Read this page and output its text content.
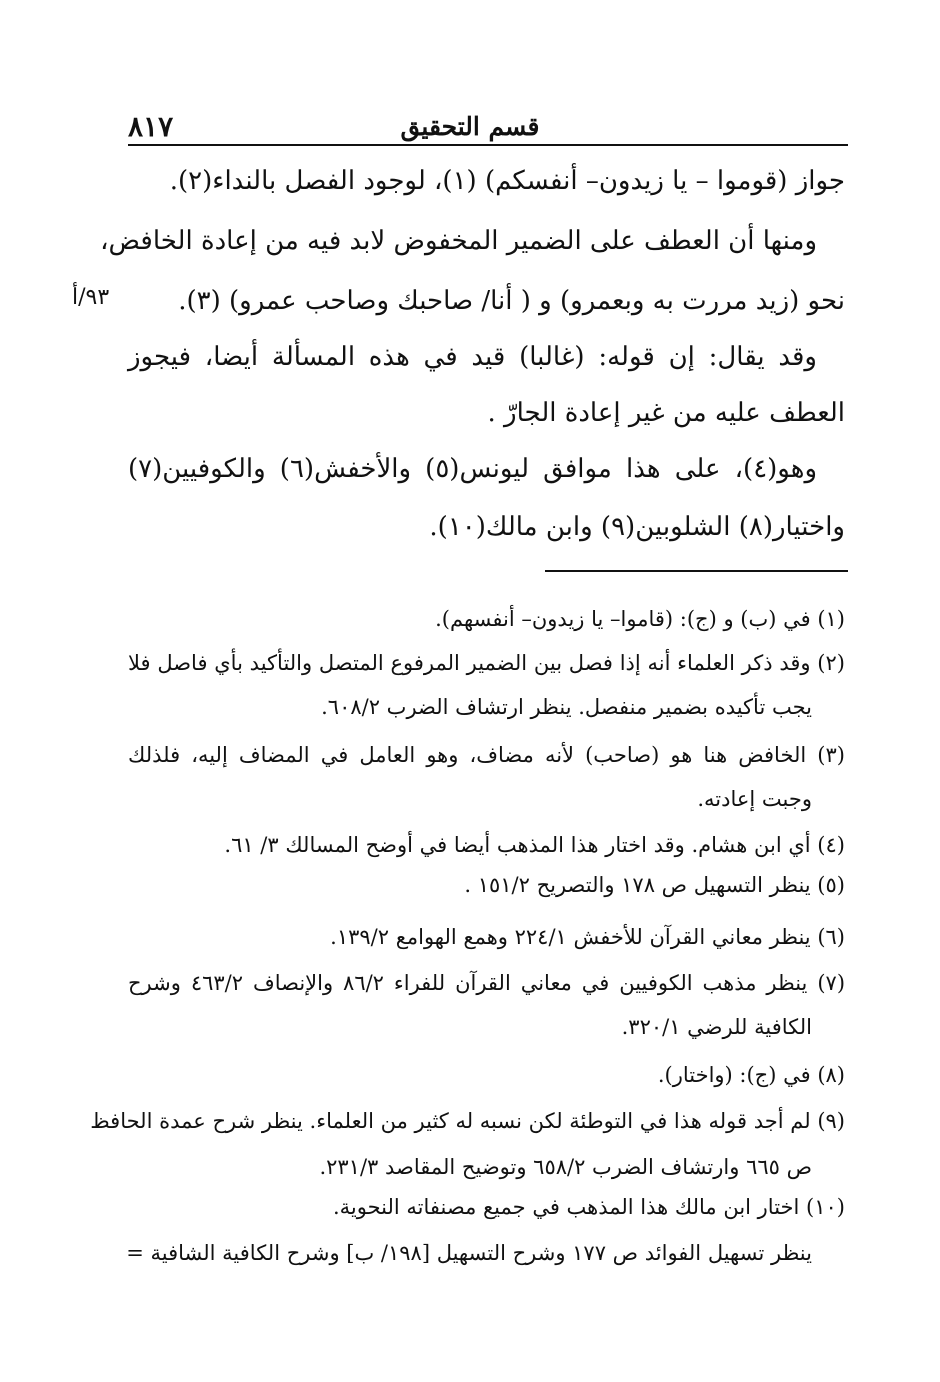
قسم التحقيق
٨١٧
٩٣/أ
جواز (قوموا – يا زيدون– أنفسكم) (١)، لوجود الفصل بالنداء(٢).
ومنها أن العطف على الضمير المخفوض لابد فيه من إعادة الخافض،
نحو (زيد مررت به وبعمرو) و ( أنا/ صاحبك وصاحب عمرو) (٣).
وقد يقال: إن قوله: (غالبا) قيد في هذه المسألة أيضا، فيجوز
العطف عليه من غير إعادة الجارّ .
وهو(٤)، على هذا موافق ليونس(٥) والأخفش(٦) والكوفيين(٧)
واختيار(٨) الشلوبين(٩) وابن مالك(١٠).
(١) في (ب) و (ج): (قاموا– يا زيدون– أنفسهم).
(٢) وقد ذكر العلماء أنه إذا فصل بين الضمير المرفوع المتصل والتأكيد بأي فاصل فلا
يجب تأكيده بضمير منفصل. ينظر ارتشاف الضرب ٦٠٨/٢.
(٣) الخافض هنا هو (صاحب) لأنه مضاف، وهو العامل في المضاف إليه، فلذلك
وجبت إعادته.
(٤) أي ابن هشام. وقد اختار هذا المذهب أيضا في أوضح المسالك ٣/ ٦١.
(٥) ينظر التسهيل ص ١٧٨ والتصريح ١٥١/٢ .
(٦) ينظر معاني القرآن للأخفش ٢٢٤/١ وهمع الهوامع ١٣٩/٢.
(٧) ينظر مذهب الكوفيين في معاني القرآن للفراء ٨٦/٢ والإنصاف ٤٦٣/٢ وشرح
الكافية للرضي ٣٢٠/١.
(٨) في (ج): (واختار).
(٩) لم أجد قوله هذا في التوطئة لكن نسبه له كثير من العلماء. ينظر شرح عمدة الحافظ
ص ٦٦٥ وارتشاف الضرب ٦٥٨/٢ وتوضيح المقاصد ٢٣١/٣.
(١٠) اختار ابن مالك هذا المذهب في جميع مصنفاته النحوية.
ينظر تسهيل الفوائد ص ١٧٧ وشرح التسهيل [١٩٨/ ب] وشرح الكافية الشافية =
